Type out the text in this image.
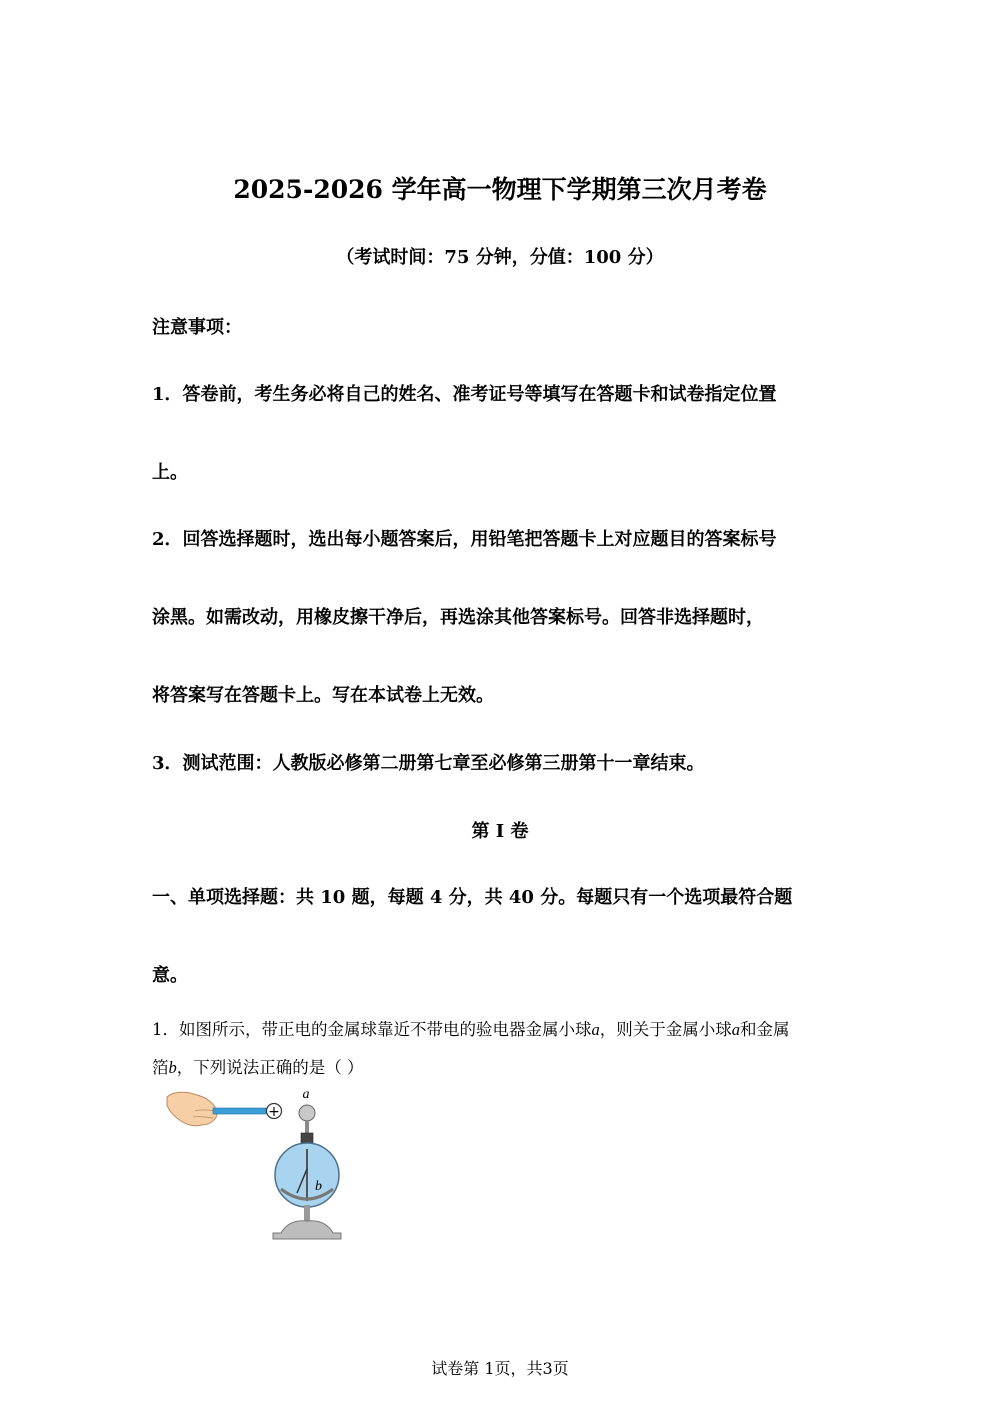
2025-2026 学年高一物理下学期第三次月考卷
（考试时间：75 分钟，分值：100 分）
注意事项：
1．答卷前，考生务必将自己的姓名、准考证号等填写在答题卡和试卷指定位置
上。
2．回答选择题时，选出每小题答案后，用铅笔把答题卡上对应题目的答案标号
涂黑。如需改动，用橡皮擦干净后，再选涂其他答案标号。回答非选择题时，
将答案写在答题卡上。写在本试卷上无效。
3．测试范围：人教版必修第二册第七章至必修第三册第十一章结束。
第 I 卷
一、单项选择题：共 10 题，每题 4 分，共 40 分。每题只有一个选项最符合题
意。
1．如图所示，带正电的金属球靠近不带电的验电器金属小球a，则关于金属小球a和金属
箔b，下列说法正确的是（ ）
+
a
b
试卷第 1页，共3页
